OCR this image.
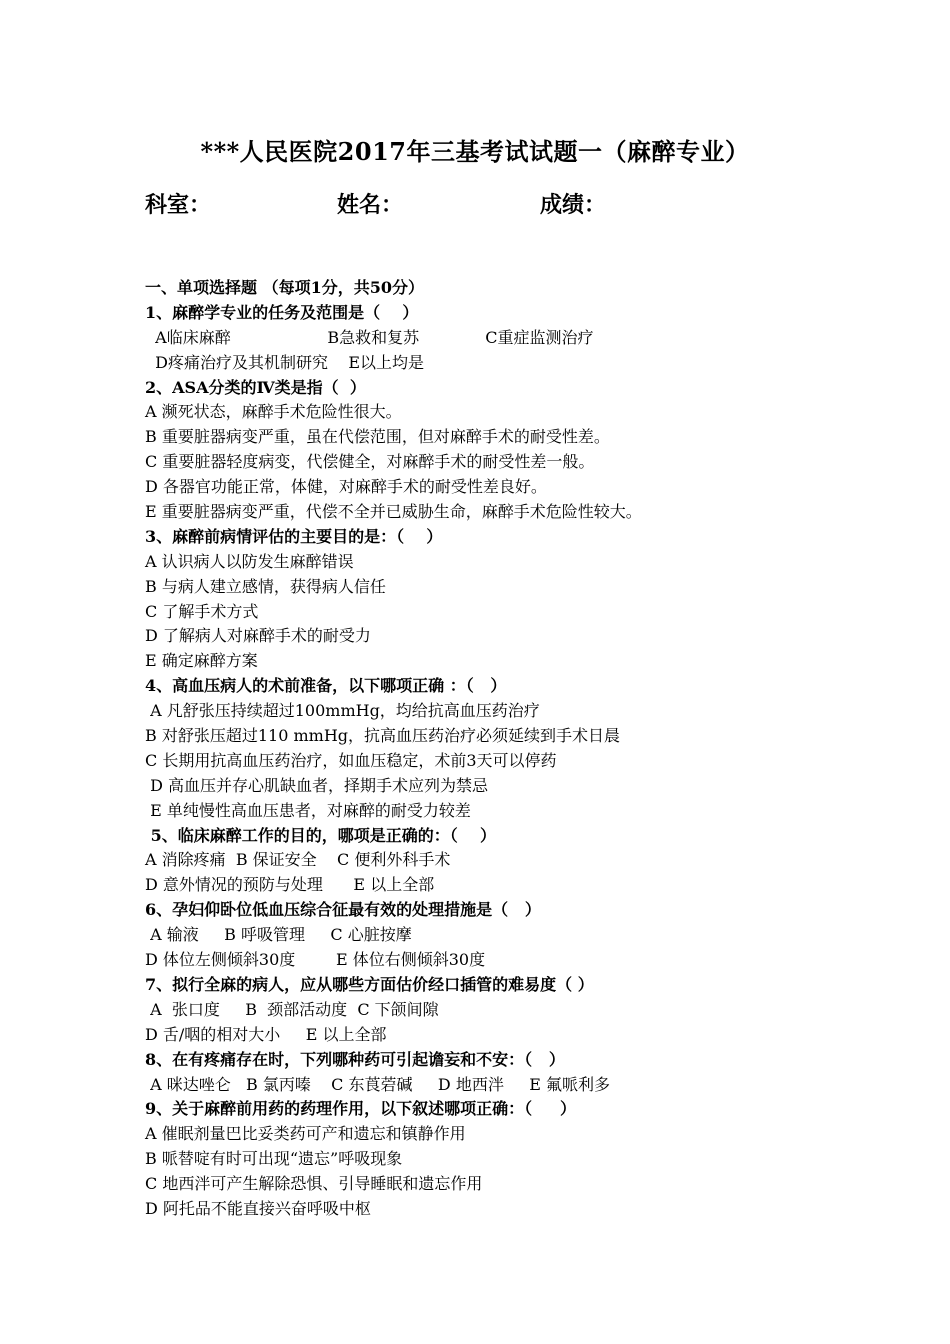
***人民医院2017年三基考试试题一（麻醉专业）
科室：	姓名：	成绩：
一、单项选择题 （每项1分，共50分）
1、麻醉学专业的任务及范围是（    ）
A临床麻醉                   B急救和复苏             C重症监测治疗
D疼痛治疗及其机制研究    E以上均是
2、ASA分类的Ⅳ类是指（  ）
A 濒死状态，麻醉手术危险性很大。
B 重要脏器病变严重，虽在代偿范围，但对麻醉手术的耐受性差。
C 重要脏器轻度病变，代偿健全，对麻醉手术的耐受性差一般。
D 各器官功能正常，体健，对麻醉手术的耐受性差良好。
E 重要脏器病变严重，代偿不全并已威胁生命，麻醉手术危险性较大。
3、麻醉前病情评估的主要目的是：（    ）
A 认识病人以防发生麻醉错误
B 与病人建立感情，获得病人信任
C 了解手术方式
D 了解病人对麻醉手术的耐受力
E 确定麻醉方案
4、高血压病人的术前准备，以下哪项正确 ：（   ）
A 凡舒张压持续超过100mmHg，均给抗高血压药治疗
B 对舒张压超过110 mmHg，抗高血压药治疗必须延续到手术日晨
C 长期用抗高血压药治疗，如血压稳定，术前3天可以停药
D 高血压并存心肌缺血者，择期手术应列为禁忌
E 单纯慢性高血压患者，对麻醉的耐受力较差
5、临床麻醉工作的目的，哪项是正确的：（    ）
A 消除疼痛  B 保证安全    C 便利外科手术
D 意外情况的预防与处理      E 以上全部
6、孕妇仰卧位低血压综合征最有效的处理措施是（   ）
A 输液     B 呼吸管理     C 心脏按摩
D 体位左侧倾斜30度        E 体位右侧倾斜30度
7、拟行全麻的病人，应从哪些方面估价经口插管的难易度（ ）
A  张口度     B  颈部活动度  C 下颌间隙
D 舌/咽的相对大小     E 以上全部
8、在有疼痛存在时，下列哪种药可引起谵妄和不安：（   ）
A 咪达唑仑   B 氯丙嗪    C 东莨菪碱     D 地西泮     E 氟哌利多
9、关于麻醉前用药的药理作用，以下叙述哪项正确：（     ）
A 催眠剂量巴比妥类药可产和遗忘和镇静作用
B 哌替啶有时可出现“遗忘”呼吸现象
C 地西泮可产生解除恐惧、引导睡眠和遗忘作用
D 阿托品不能直接兴奋呼吸中枢
